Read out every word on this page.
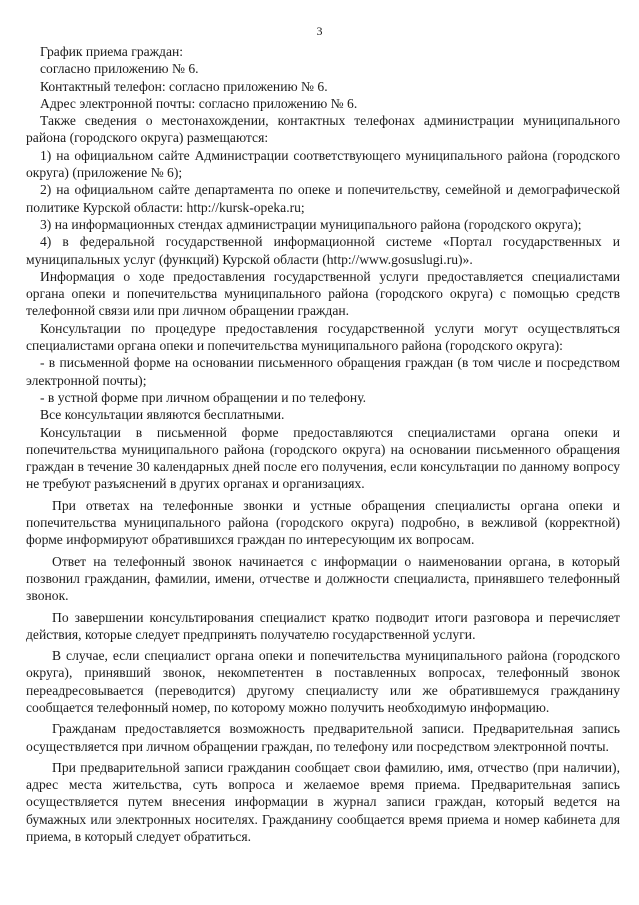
3

График приема граждан:

согласно приложению № 6.

Контактный телефон: согласно приложению № 6.

Адрес электронной почты: согласно приложению № 6.

Также сведения о местонахождении, контактных телефонах администрации муниципального района (городского округа) размещаются:

1) на официальном сайте Администрации соответствующего муниципального района (городского округа) (приложение № 6);

2) на официальном сайте департамента по опеке и попечительству, семейной и демографической политике Курской области: http://kursk-opeka.ru;

3) на информационных стендах администрации муниципального района (городского округа);

4) в федеральной государственной информационной системе «Портал государственных и муниципальных услуг (функций) Курской области (http://www.gosuslugi.ru)».

Информация о ходе предоставления государственной услуги предоставляется специалистами органа опеки и попечительства муниципального района (городского округа) с помощью средств телефонной связи или при личном обращении граждан.

Консультации по процедуре предоставления государственной услуги могут осуществляться специалистами органа опеки и попечительства муниципального района (городского округа):

- в письменной форме на основании письменного обращения граждан (в том числе и посредством электронной почты);

- в устной форме при личном обращении и по телефону.

Все консультации являются бесплатными.

Консультации в письменной форме предоставляются специалистами органа опеки и попечительства муниципального района (городского округа) на основании письменного обращения граждан в течение 30 календарных дней после его получения, если консультации по данному вопросу не требуют разъяснений в других органах и организациях.

При ответах на телефонные звонки и устные обращения специалисты органа опеки и попечительства муниципального района (городского округа) подробно, в вежливой (корректной) форме информируют обратившихся граждан по интересующим их вопросам.

Ответ на телефонный звонок начинается с информации о наименовании органа, в который позвонил гражданин, фамилии, имени, отчестве и должности специалиста, принявшего телефонный звонок.

По завершении консультирования специалист кратко подводит итоги разговора и перечисляет действия, которые следует предпринять получателю государственной услуги.

В случае, если специалист органа опеки и попечительства муниципального района (городского округа), принявший звонок, некомпетентен в поставленных вопросах, телефонный звонок переадресовывается (переводится) другому специалисту или же обратившемуся гражданину сообщается телефонный номер, по которому можно получить необходимую информацию.

Гражданам предоставляется возможность предварительной записи. Предварительная запись осуществляется при личном обращении граждан, по телефону или посредством электронной почты.

При предварительной записи гражданин сообщает свои фамилию, имя, отчество (при наличии), адрес места жительства, суть вопроса и желаемое время приема. Предварительная запись осуществляется путем внесения информации в журнал записи граждан, который ведется на бумажных или электронных носителях. Гражданину сообщается время приема и номер кабинета для приема, в который следует обратиться.
